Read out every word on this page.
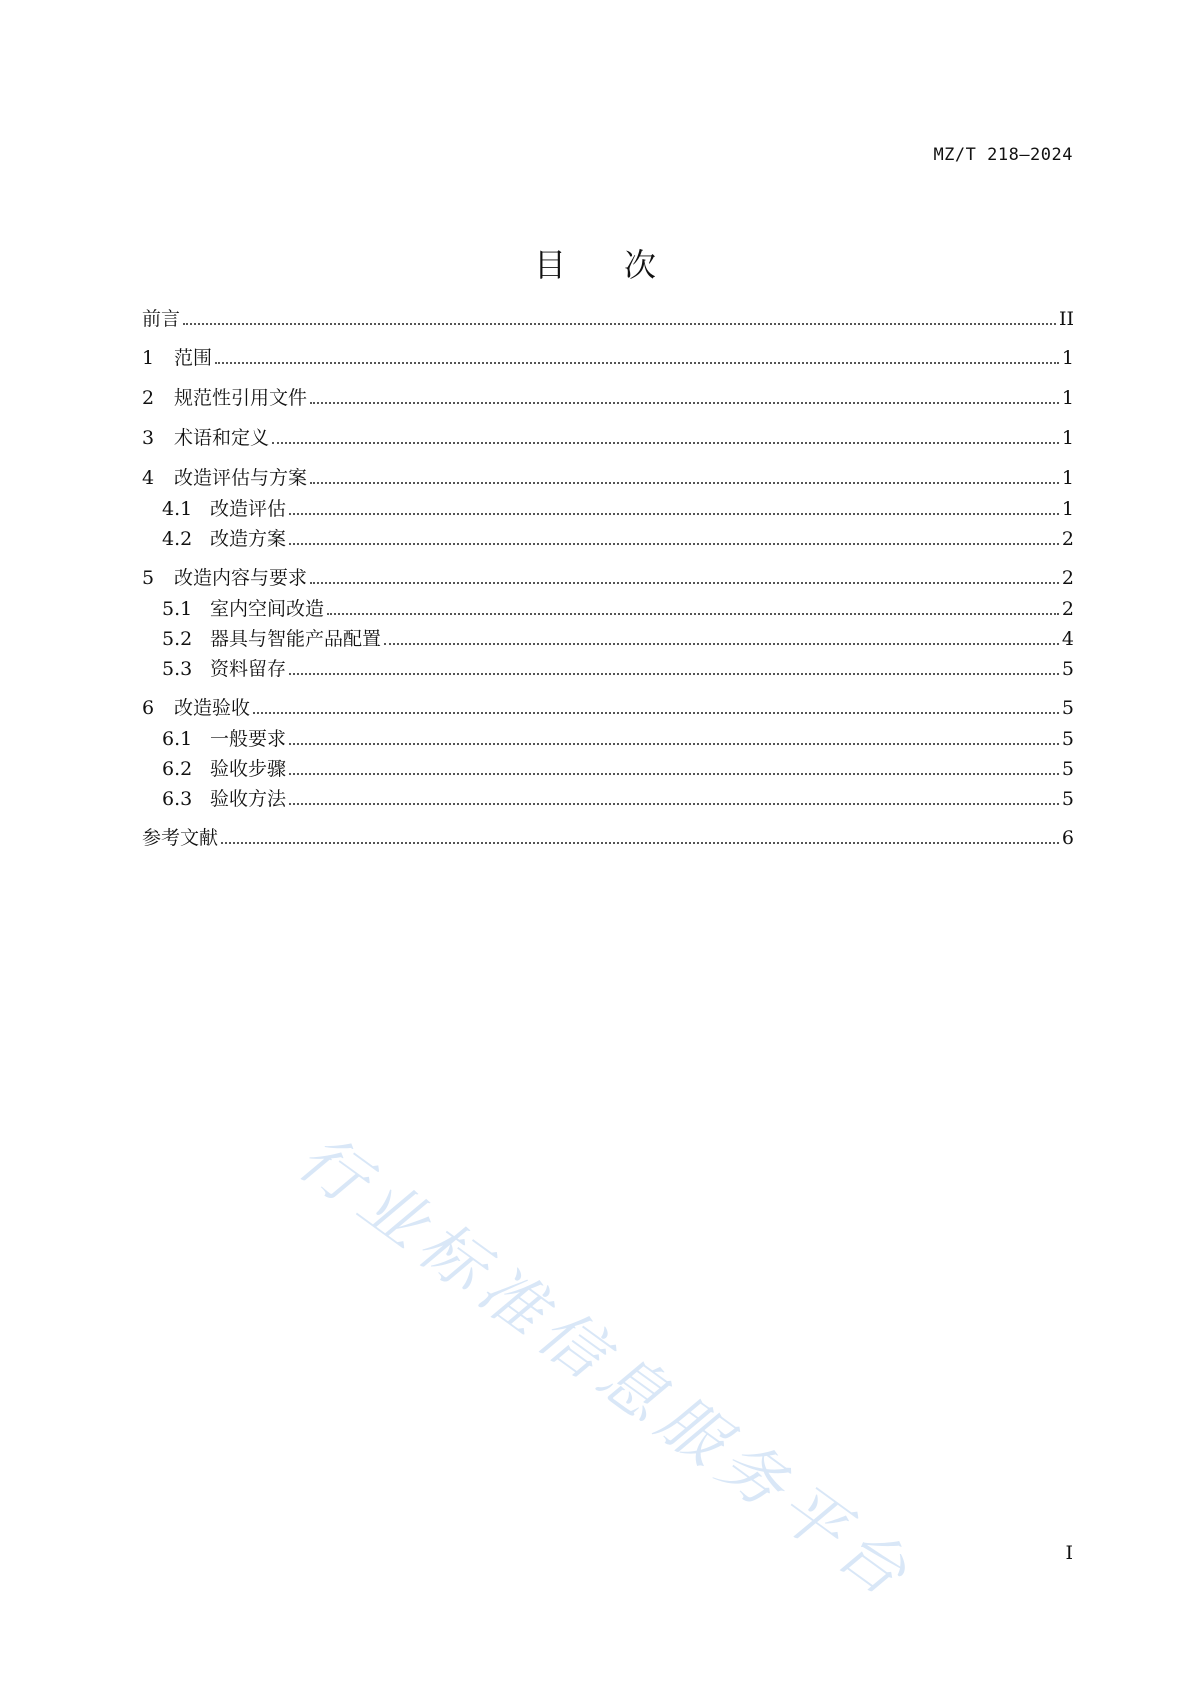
MZ/T 218—2024
目 次
前言	II
1	范围	1
2	规范性引用文件	1
3	术语和定义	1
4	改造评估与方案	1
4.1 改造评估	1
4.2 改造方案	2
5	改造内容与要求	2
5.1 室内空间改造	2
5.2 器具与智能产品配置	4
5.3 资料留存	5
6	改造验收	5
6.1 一般要求	5
6.2 验收步骤	5
6.3 验收方法	5
参考文献	6
行业标准信息服务平台	I
